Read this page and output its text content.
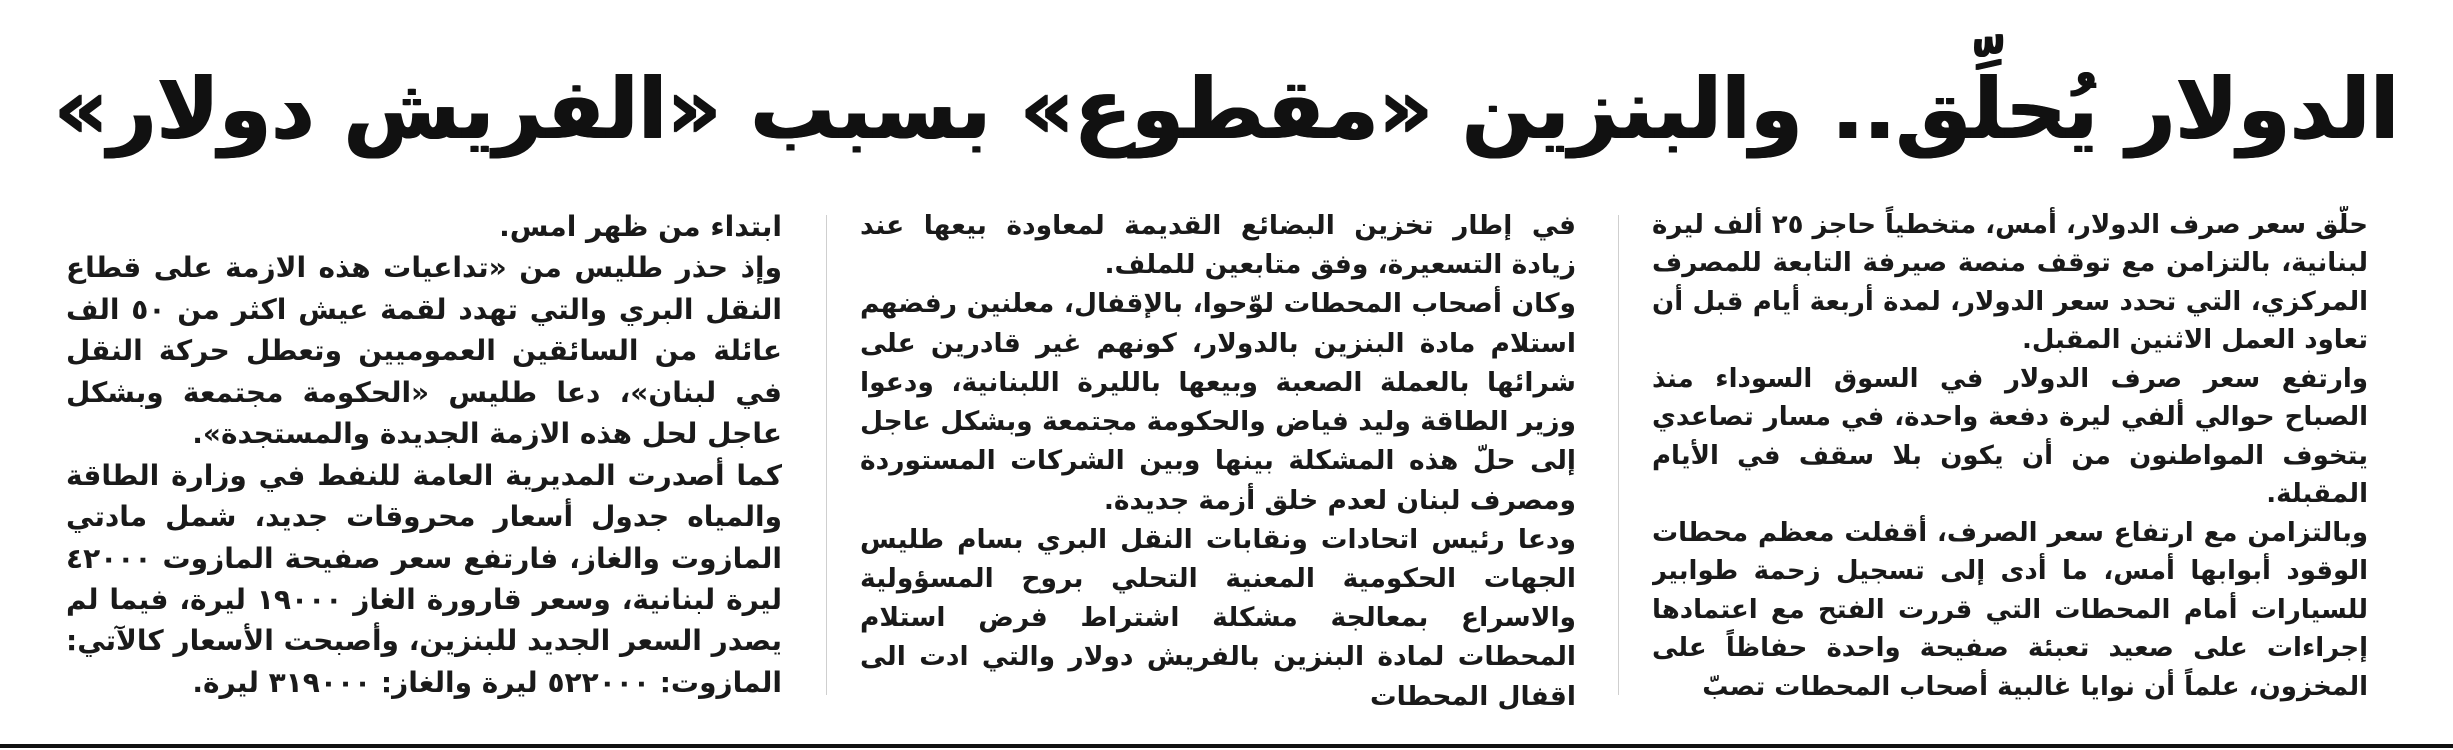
الدولار يُحلِّق.. والبنزين «مقطوع» بسبب «الفريش دولار»

حلّق سعر صرف الدولار، أمس، متخطياً حاجز ٢٥ ألف ليرة لبنانية، بالتزامن مع توقف منصة صيرفة التابعة للمصرف المركزي، التي تحدد سعر الدولار، لمدة أربعة أيام قبل أن تعاود العمل الاثنين المقبل.

وارتفع سعر صرف الدولار في السوق السوداء منذ الصباح حوالي ألفي ليرة دفعة واحدة، في مسار تصاعدي يتخوف المواطنون من أن يكون بلا سقف في الأيام المقبلة.

وبالتزامن مع ارتفاع سعر الصرف، أقفلت معظم محطات الوقود أبوابها أمس، ما أدى إلى تسجيل زحمة طوابير للسيارات أمام المحطات التي قررت الفتح مع اعتمادها إجراءات على صعيد تعبئة صفيحة واحدة حفاظاً على المخزون، علماً أن نوايا غالبية أصحاب المحطات تصبّ

في إطار تخزين البضائع القديمة لمعاودة بيعها عند زيادة التسعيرة، وفق متابعين للملف.

وكان أصحاب المحطات لوّحوا، بالإقفال، معلنين رفضهم استلام مادة البنزين بالدولار، كونهم غير قادرين على شرائها بالعملة الصعبة وبيعها بالليرة اللبنانية، ودعوا وزير الطاقة وليد فياض والحكومة مجتمعة وبشكل عاجل إلى حلّ هذه المشكلة بينها وبين الشركات المستوردة ومصرف لبنان لعدم خلق أزمة جديدة.

ودعا رئيس اتحادات ونقابات النقل البري بسام طليس الجهات الحكومية المعنية التحلي بروح المسؤولية والاسراع بمعالجة مشكلة اشتراط فرض استلام المحطات لمادة البنزين بالفريش دولار والتي ادت الى اقفال المحطات

ابتداء من ظهر امس.

وإذ حذر طليس من «تداعيات هذه الازمة على قطاع النقل البري والتي تهدد لقمة عيش اكثر من ٥٠ الف عائلة من السائقين العموميين وتعطل حركة النقل في لبنان»، دعا طليس «الحكومة مجتمعة وبشكل عاجل لحل هذه الازمة الجديدة والمستجدة».

كما أصدرت المديرية العامة للنفط في وزارة الطاقة والمياه جدول أسعار محروقات جديد، شمل مادتي المازوت والغاز، فارتفع سعر صفيحة المازوت ٤٢٠٠٠ ليرة لبنانية، وسعر قارورة الغاز ١٩٠٠٠ ليرة، فيما لم يصدر السعر الجديد للبنزين، وأصبحت الأسعار كالآتي: المازوت: ٥٢٢٠٠٠ ليرة والغاز: ٣١٩٠٠٠ ليرة.
